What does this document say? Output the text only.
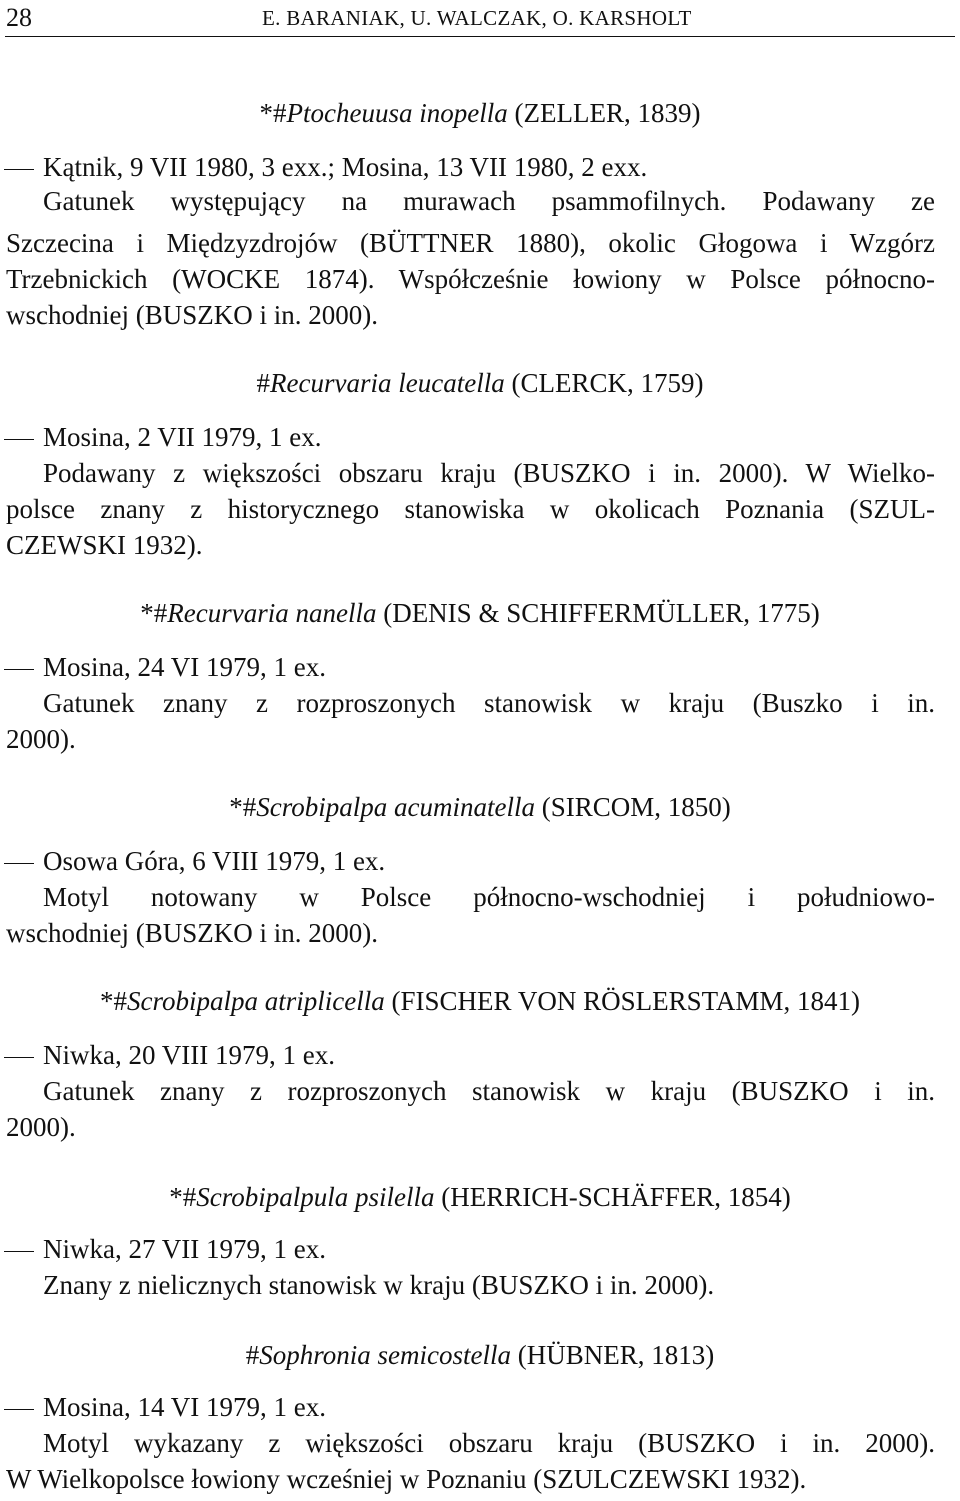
28	E. BARANIAK, U. WALCZAK, O. KARSHOLT
*#Ptocheuusa inopella (ZELLER, 1839)
Kątnik, 9 VII 1980, 3 exx.; Mosina, 13 VII 1980, 2 exx.
Gatunek występujący na murawach psammofilnych. Podawany ze
Szczecina i Międzyzdrojów (BÜTTNER 1880), okolic Głogowa i Wzgórz
Trzebnickich (WOCKE 1874). Współcześnie łowiony w Polsce północno-
wschodniej (BUSZKO i in. 2000).
#Recurvaria leucatella (CLERCK, 1759)
Mosina, 2 VII 1979, 1 ex.
Podawany z większości obszaru kraju (BUSZKO i in. 2000). W Wielko-
polsce znany z historycznego stanowiska w okolicach Poznania (SZUL-
CZEWSKI 1932).
*#Recurvaria nanella (DENIS & SCHIFFERMÜLLER, 1775)
Mosina, 24 VI 1979, 1 ex.
Gatunek znany z rozproszonych stanowisk w kraju (Buszko i in.
2000).
*#Scrobipalpa acuminatella (SIRCOM, 1850)
Osowa Góra, 6 VIII 1979, 1 ex.
Motyl notowany w Polsce północno-wschodniej i południowo-
wschodniej (BUSZKO i in. 2000).
*#Scrobipalpa atriplicella (FISCHER VON RÖSLERSTAMM, 1841)
Niwka, 20 VIII 1979, 1 ex.
Gatunek znany z rozproszonych stanowisk w kraju (BUSZKO i in.
2000).
*#Scrobipalpula psilella (HERRICH-SCHÄFFER, 1854)
Niwka, 27 VII 1979, 1 ex.
Znany z nielicznych stanowisk w kraju (BUSZKO i in. 2000).
#Sophronia semicostella (HÜBNER, 1813)
Mosina, 14 VI 1979, 1 ex.
Motyl wykazany z większości obszaru kraju (BUSZKO i in. 2000).
W Wielkopolsce łowiony wcześniej w Poznaniu (SZULCZEWSKI 1932).
